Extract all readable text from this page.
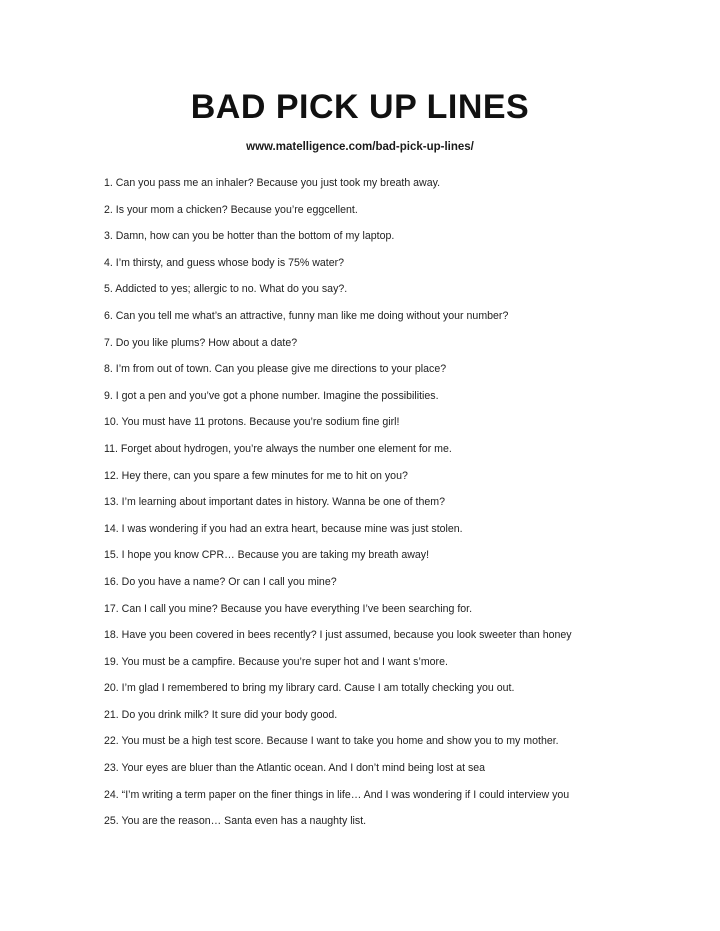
BAD PICK UP LINES

www.matelligence.com/bad-pick-up-lines/

1. Can you pass me an inhaler? Because you just took my breath away.
2. Is your mom a chicken? Because you’re eggcellent.
3. Damn, how can you be hotter than the bottom of my laptop.
4. I’m thirsty, and guess whose body is 75% water?
5. Addicted to yes; allergic to no. What do you say?.
6. Can you tell me what’s an attractive, funny man like me doing without your number?
7. Do you like plums? How about a date?
8. I’m from out of town. Can you please give me directions to your place?
9. I got a pen and you’ve got a phone number. Imagine the possibilities.
10. You must have 11 protons. Because you’re sodium fine girl!
11. Forget about hydrogen, you’re always the number one element for me.
12. Hey there, can you spare a few minutes for me to hit on you?
13. I’m learning about important dates in history. Wanna be one of them?
14. I was wondering if you had an extra heart, because mine was just stolen.
15. I hope you know CPR… Because you are taking my breath away!
16. Do you have a name? Or can I call you mine?
17. Can I call you mine? Because you have everything I’ve been searching for.
18. Have you been covered in bees recently? I just assumed, because you look sweeter than honey
19. You must be a campfire. Because you’re super hot and I want s’more.
20. I’m glad I remembered to bring my library card. Cause I am totally checking you out.
21. Do you drink milk? It sure did your body good.
22. You must be a high test score. Because I want to take you home and show you to my mother.
23. Your eyes are bluer than the Atlantic ocean. And I don’t mind being lost at sea
24. “I’m writing a term paper on the finer things in life… And I was wondering if I could interview you
25. You are the reason… Santa even has a naughty list.
